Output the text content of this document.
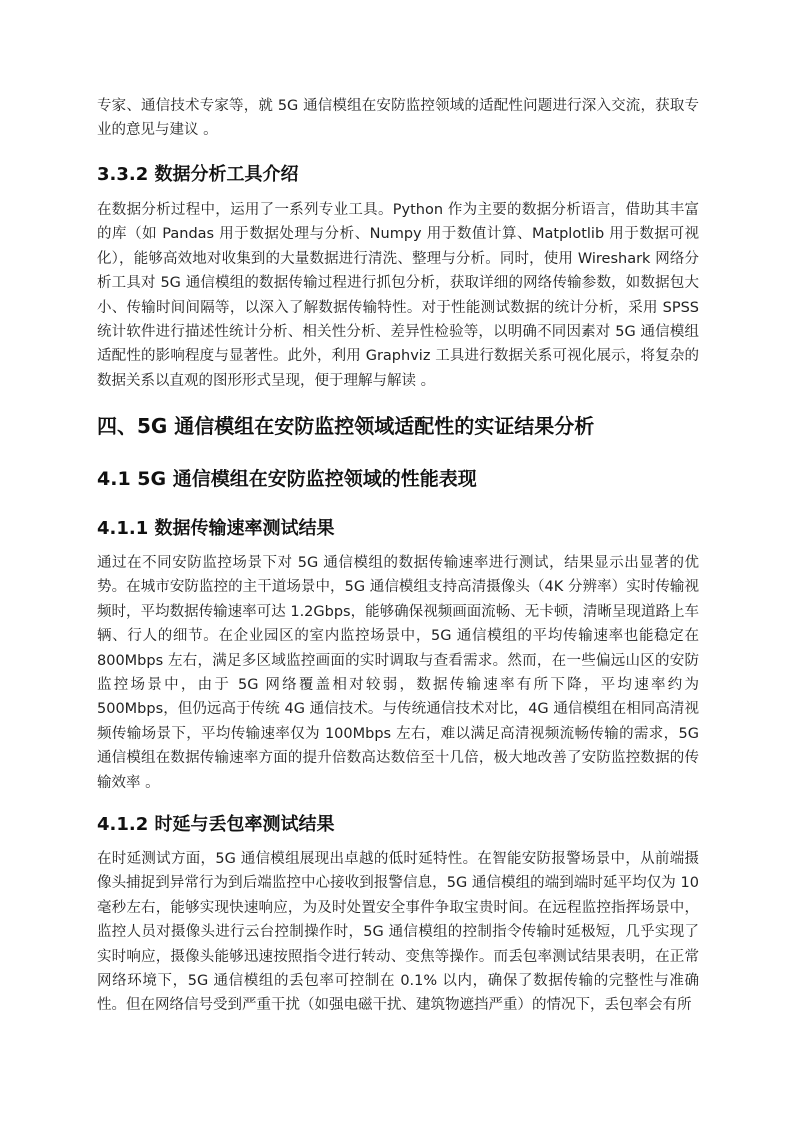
专家、通信技术专家等，就 5G 通信模组在安防监控领域的适配性问题进行深入交流，获取专业的意见与建议 。

3.3.2 数据分析工具介绍

在数据分析过程中，运用了一系列专业工具。Python 作为主要的数据分析语言，借助其丰富的库（如 Pandas 用于数据处理与分析、Numpy 用于数值计算、Matplotlib 用于数据可视化），能够高效地对收集到的大量数据进行清洗、整理与分析。同时，使用 Wireshark 网络分析工具对 5G 通信模组的数据传输过程进行抓包分析，获取详细的网络传输参数，如数据包大小、传输时间间隔等，以深入了解数据传输特性。对于性能测试数据的统计分析，采用 SPSS 统计软件进行描述性统计分析、相关性分析、差异性检验等，以明确不同因素对 5G 通信模组适配性的影响程度与显著性。此外，利用 Graphviz 工具进行数据关系可视化展示，将复杂的数据关系以直观的图形形式呈现，便于理解与解读 。

四、5G 通信模组在安防监控领域适配性的实证结果分析
4.1 5G 通信模组在安防监控领域的性能表现
4.1.1 数据传输速率测试结果

通过在不同安防监控场景下对 5G 通信模组的数据传输速率进行测试，结果显示出显著的优势。在城市安防监控的主干道场景中，5G 通信模组支持高清摄像头（4K 分辨率）实时传输视频时，平均数据传输速率可达 1.2Gbps，能够确保视频画面流畅、无卡顿，清晰呈现道路上车辆、行人的细节。在企业园区的室内监控场景中，5G 通信模组的平均传输速率也能稳定在 800Mbps 左右，满足多区域监控画面的实时调取与查看需求。然而，在一些偏远山区的安防监控场景中，由于 5G 网络覆盖相对较弱，数据传输速率有所下降，平均速率约为 500Mbps，但仍远高于传统 4G 通信技术。与传统通信技术对比，4G 通信模组在相同高清视频传输场景下，平均传输速率仅为 100Mbps 左右，难以满足高清视频流畅传输的需求，5G 通信模组在数据传输速率方面的提升倍数高达数倍至十几倍，极大地改善了安防监控数据的传输效率 。

4.1.2 时延与丢包率测试结果

在时延测试方面，5G 通信模组展现出卓越的低时延特性。在智能安防报警场景中，从前端摄像头捕捉到异常行为到后端监控中心接收到报警信息，5G 通信模组的端到端时延平均仅为 10 毫秒左右，能够实现快速响应，为及时处置安全事件争取宝贵时间。在远程监控指挥场景中，监控人员对摄像头进行云台控制操作时，5G 通信模组的控制指令传输时延极短，几乎实现了实时响应，摄像头能够迅速按照指令进行转动、变焦等操作。而丢包率测试结果表明，在正常网络环境下，5G 通信模组的丢包率可控制在 0.1% 以内，确保了数据传输的完整性与准确性。但在网络信号受到严重干扰（如强电磁干扰、建筑物遮挡严重）的情况下，丢包率会有所
